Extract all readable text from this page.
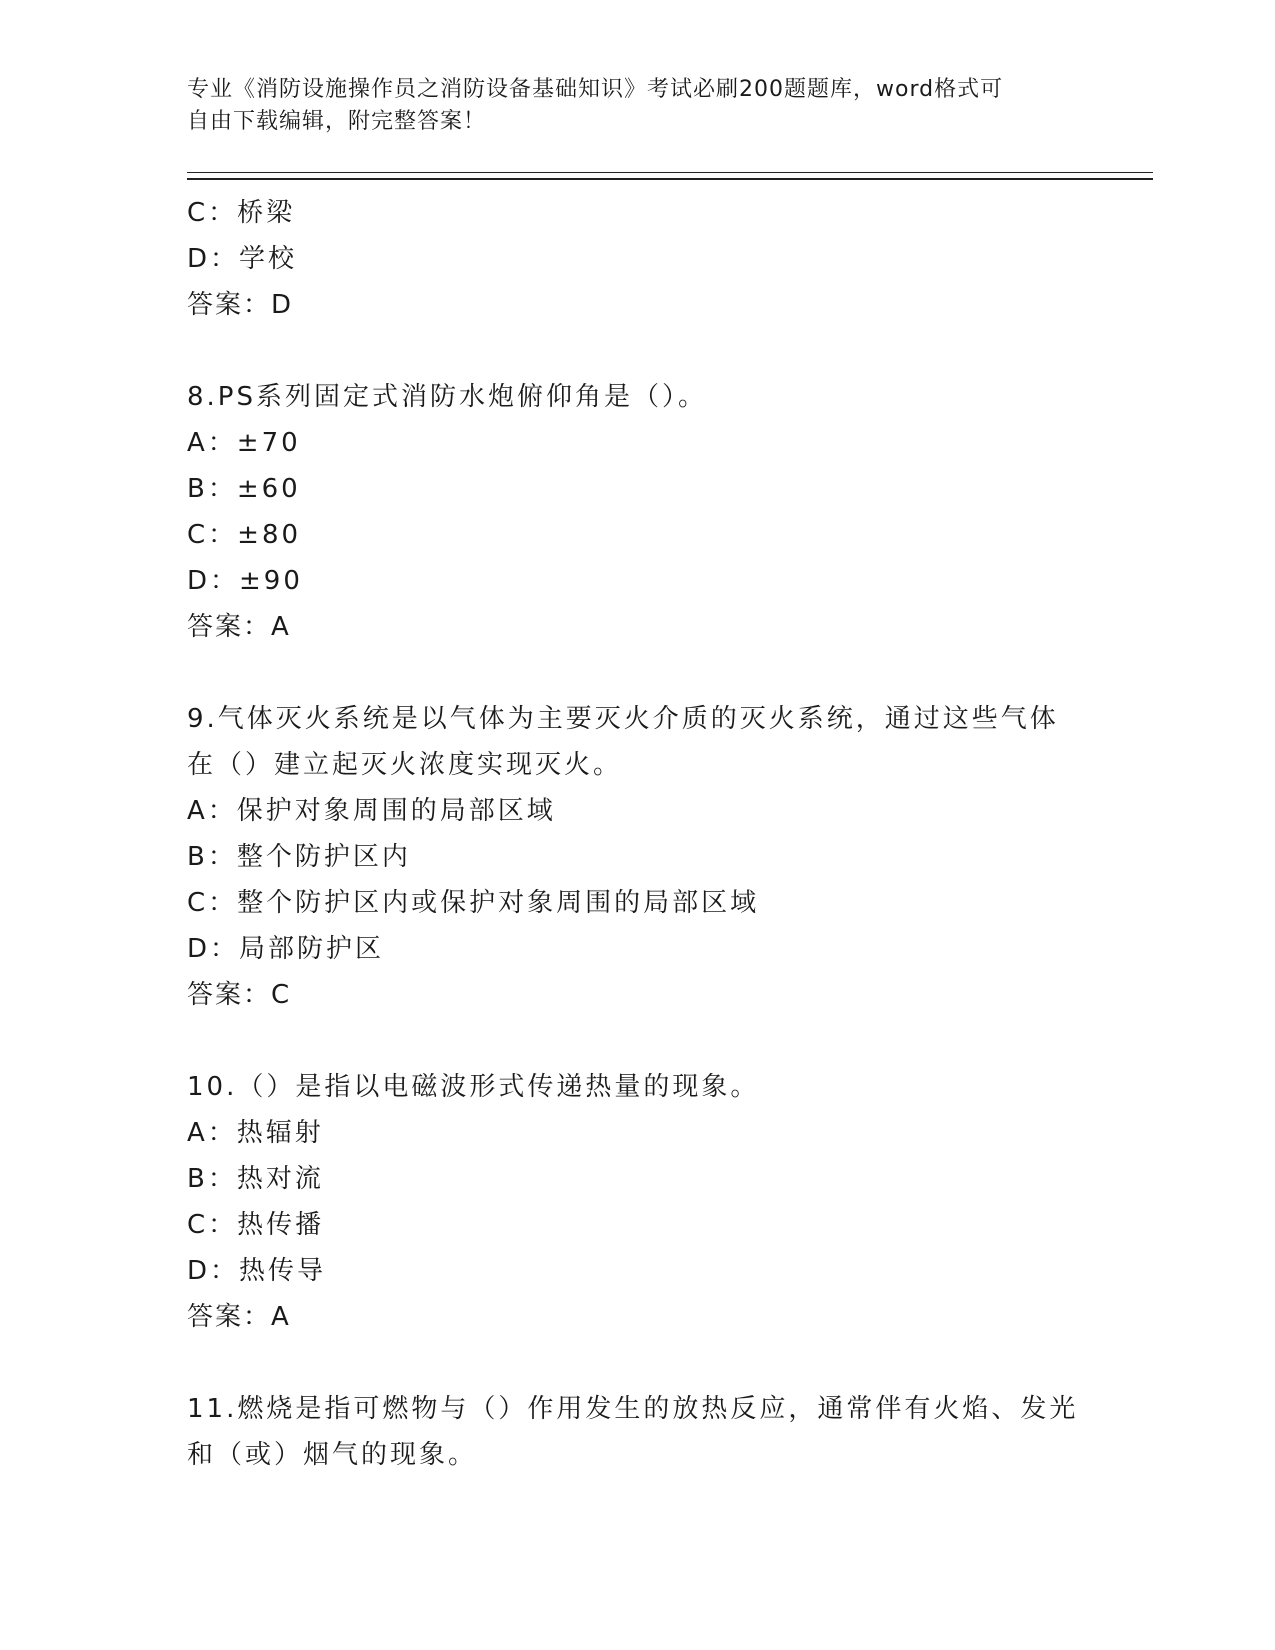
专业《消防设施操作员之消防设备基础知识》考试必刷200题题库，word格式可
自由下载编辑，附完整答案！
C：桥梁
D：学校
答案：D
8.PS系列固定式消防水炮俯仰角是（）。
A：±70
B：±60
C：±80
D：±90
答案：A
9.气体灭火系统是以气体为主要灭火介质的灭火系统，通过这些气体
在（）建立起灭火浓度实现灭火。
A：保护对象周围的局部区域
B：整个防护区内
C：整个防护区内或保护对象周围的局部区域
D：局部防护区
答案：C
10.（）是指以电磁波形式传递热量的现象。
A：热辐射
B：热对流
C：热传播
D：热传导
答案：A
11.燃烧是指可燃物与（）作用发生的放热反应，通常伴有火焰、发光
和（或）烟气的现象。
